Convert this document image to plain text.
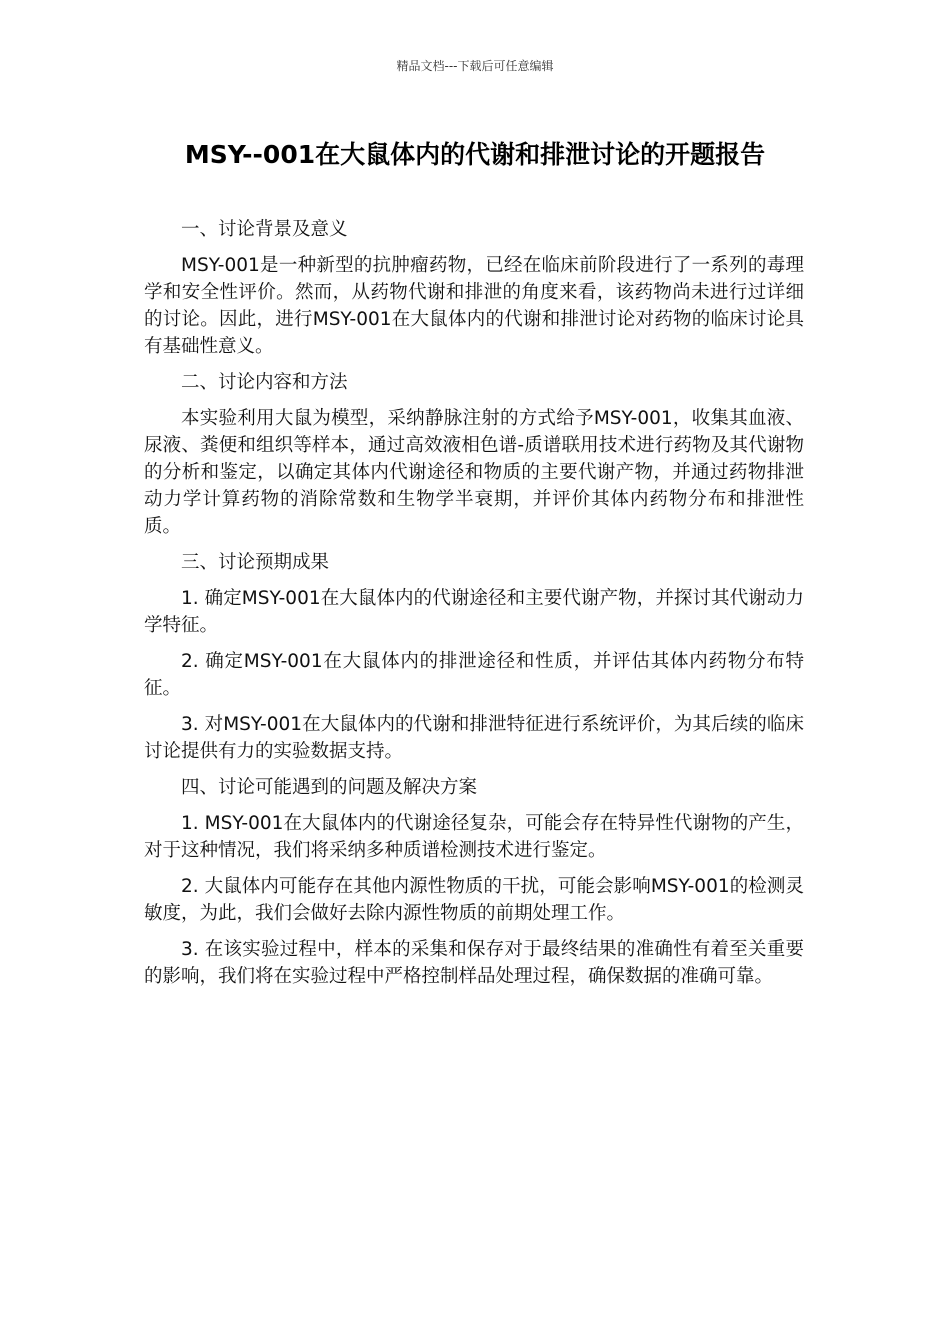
精品文档---下载后可任意编辑
MSY--001在大鼠体内的代谢和排泄讨论的开题报告

一、讨论背景及意义

MSY-001是一种新型的抗肿瘤药物，已经在临床前阶段进行了一系列的毒理学和安全性评价。然而，从药物代谢和排泄的角度来看，该药物尚未进行过详细的讨论。因此，进行MSY-001在大鼠体内的代谢和排泄讨论对药物的临床讨论具有基础性意义。

二、讨论内容和方法

本实验利用大鼠为模型，采纳静脉注射的方式给予MSY-001，收集其血液、尿液、粪便和组织等样本，通过高效液相色谱-质谱联用技术进行药物及其代谢物的分析和鉴定，以确定其体内代谢途径和物质的主要代谢产物，并通过药物排泄动力学计算药物的消除常数和生物学半衰期，并评价其体内药物分布和排泄性质。

三、讨论预期成果

1. 确定MSY-001在大鼠体内的代谢途径和主要代谢产物，并探讨其代谢动力学特征。

2. 确定MSY-001在大鼠体内的排泄途径和性质，并评估其体内药物分布特征。

3. 对MSY-001在大鼠体内的代谢和排泄特征进行系统评价，为其后续的临床讨论提供有力的实验数据支持。

四、讨论可能遇到的问题及解决方案

1. MSY-001在大鼠体内的代谢途径复杂，可能会存在特异性代谢物的产生，对于这种情况，我们将采纳多种质谱检测技术进行鉴定。

2. 大鼠体内可能存在其他内源性物质的干扰，可能会影响MSY-001的检测灵敏度，为此，我们会做好去除内源性物质的前期处理工作。

3. 在该实验过程中，样本的采集和保存对于最终结果的准确性有着至关重要的影响，我们将在实验过程中严格控制样品处理过程，确保数据的准确可靠。
